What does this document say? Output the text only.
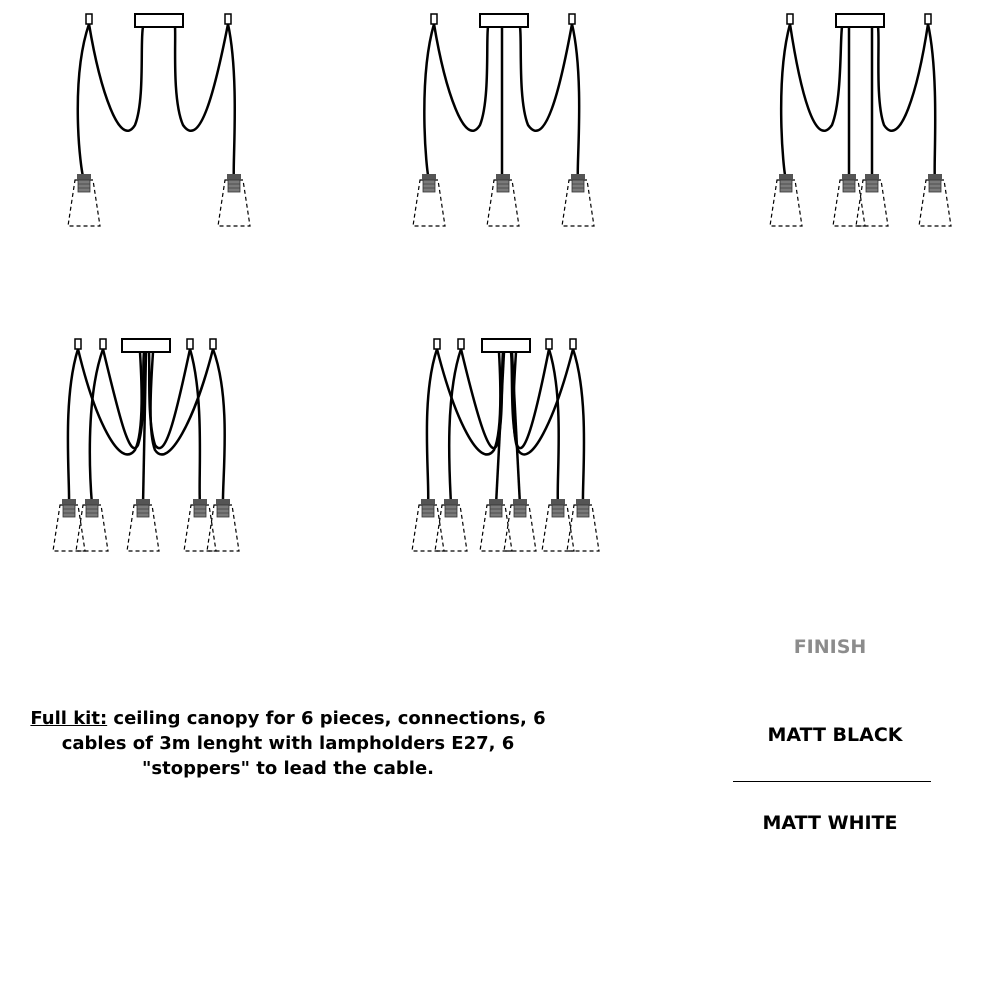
Full kit: ceiling canopy for 6 pieces, connections, 6 cables of 3m lenght with lampholders E27, 6 "stoppers" to lead the cable.
FINISH
MATT BLACK
MATT WHITE
